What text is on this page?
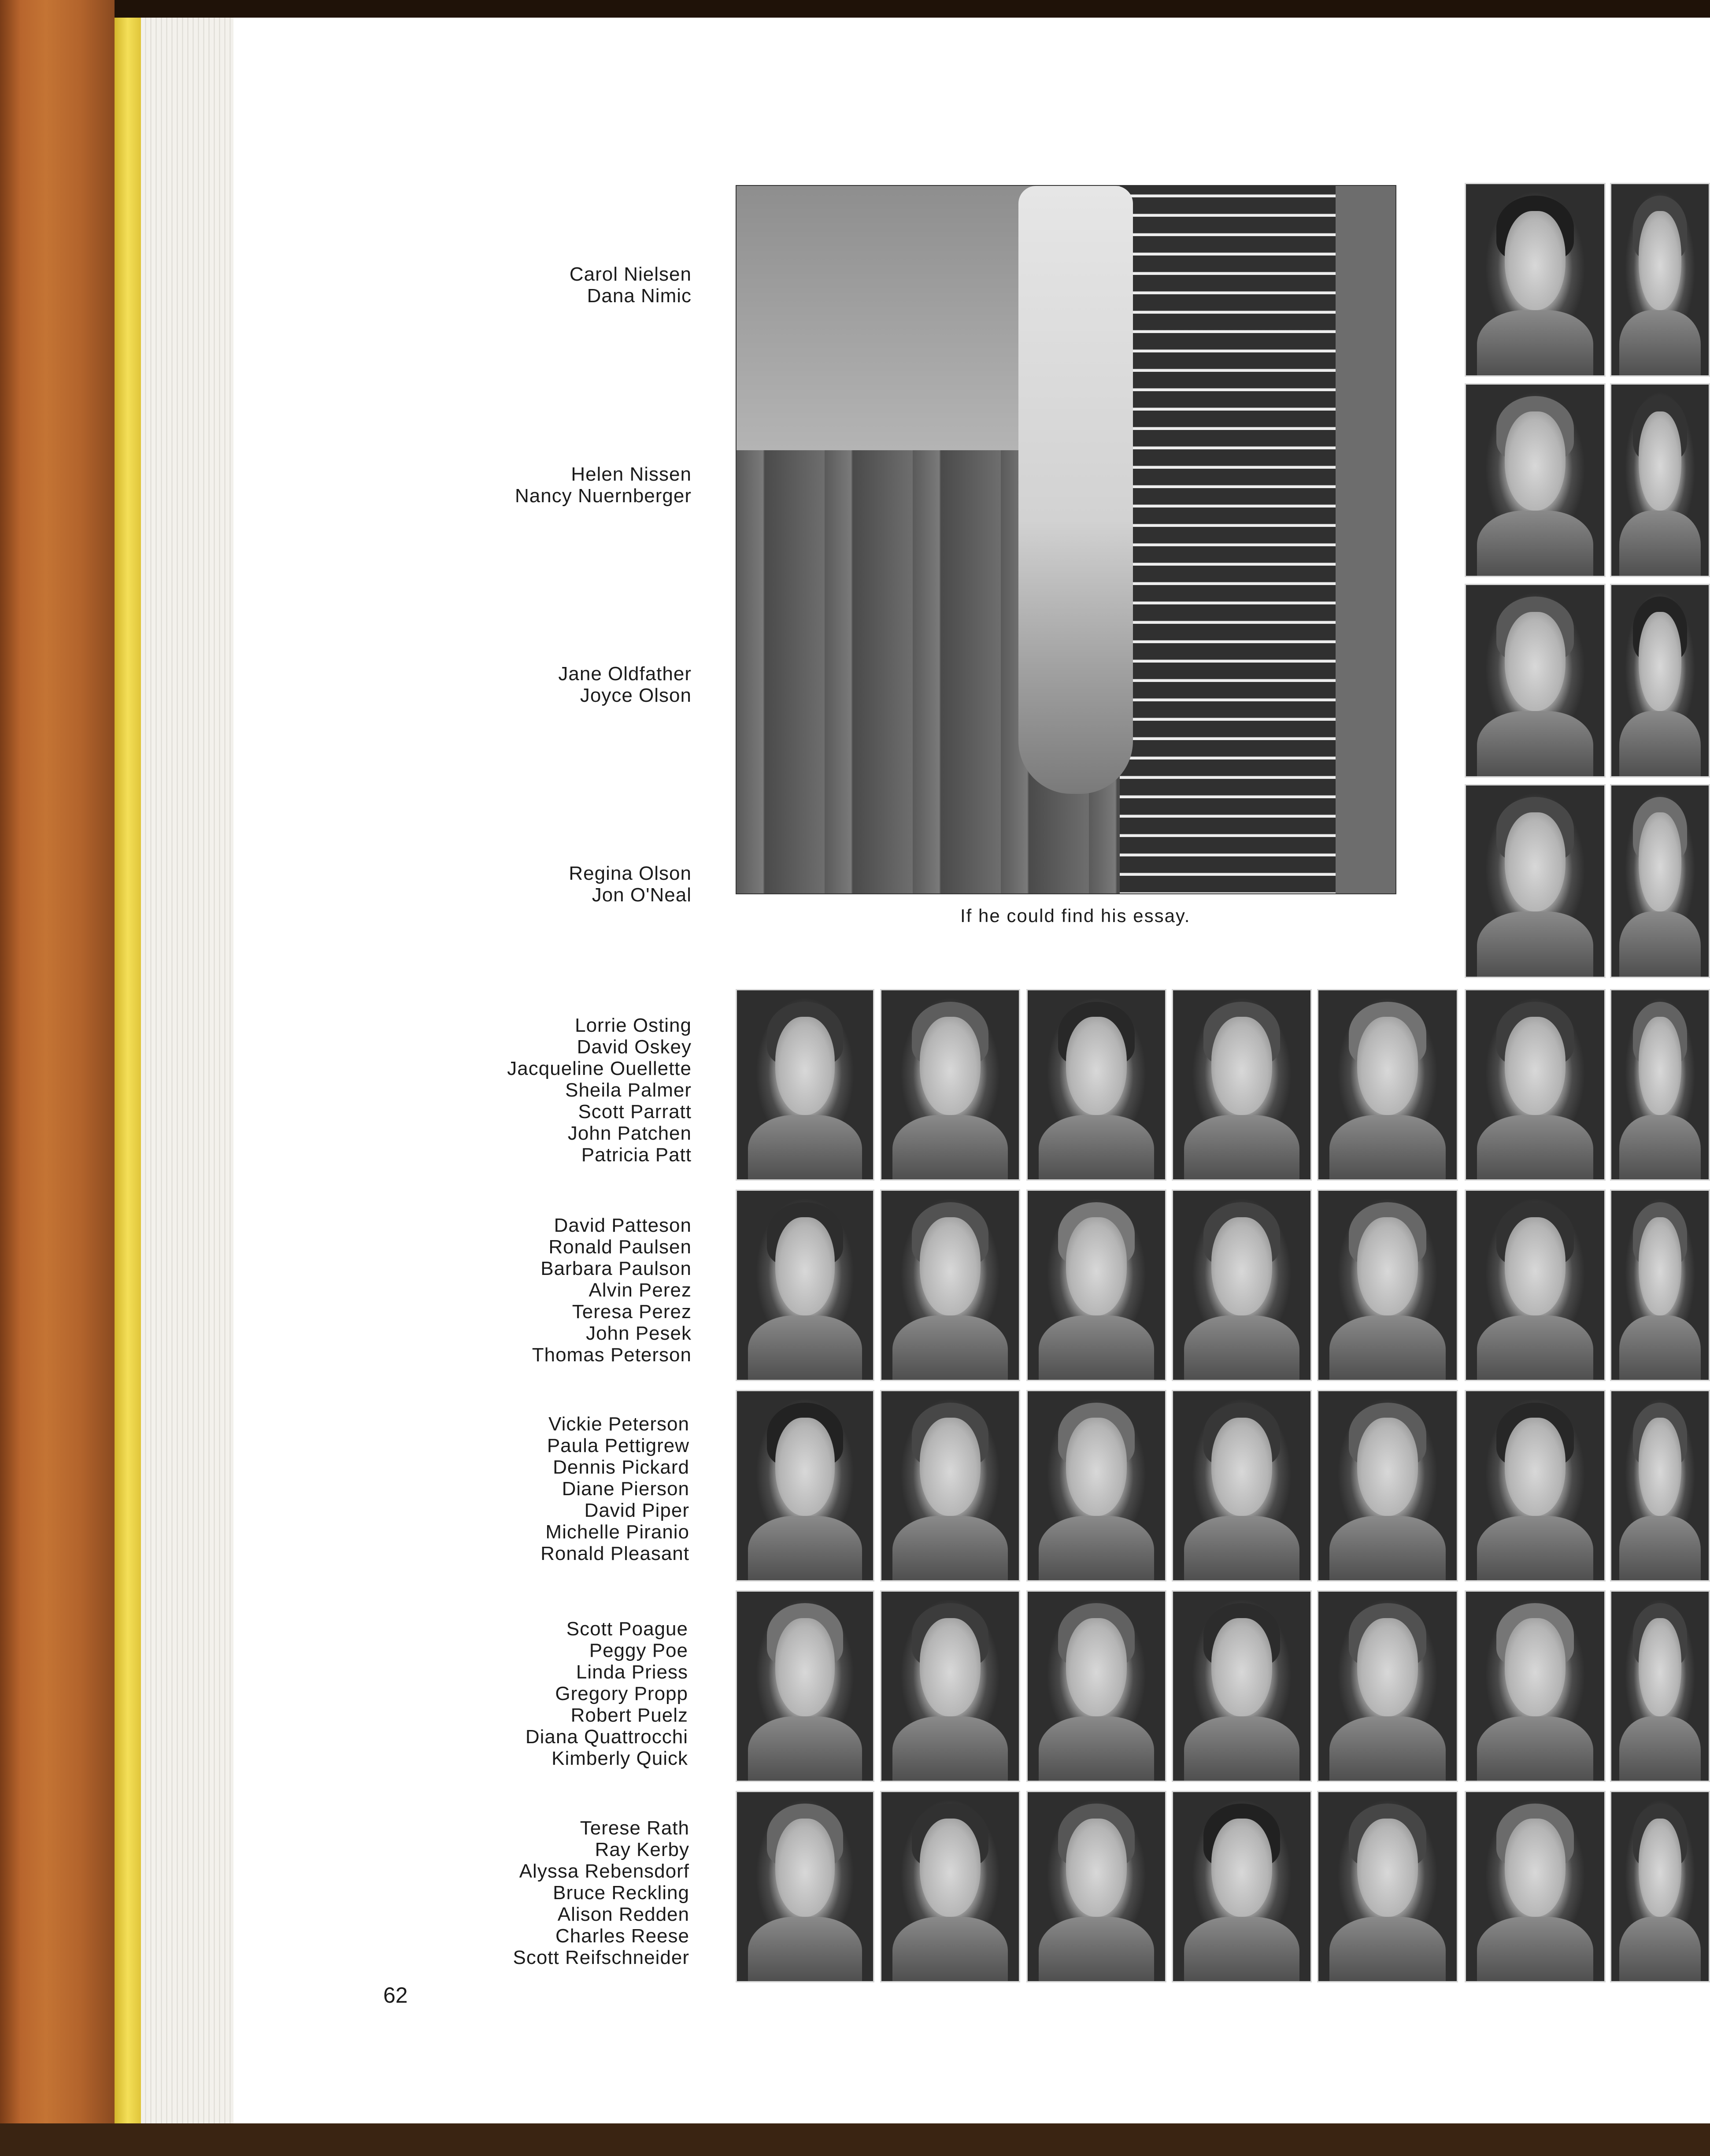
Carol Nielsen
Dana Nimic
Helen Nissen
Nancy Nuernberger
Jane Oldfather
Joyce Olson
Regina Olson
Jon O'Neal
Lorrie Osting
David Oskey
Jacqueline Ouellette
Sheila Palmer
Scott Parratt
John Patchen
Patricia Patt
David Patteson
Ronald Paulsen
Barbara Paulson
Alvin Perez
Teresa Perez
John Pesek
Thomas Peterson
Vickie Peterson
Paula Pettigrew
Dennis Pickard
Diane Pierson
David Piper
Michelle Piranio
Ronald Pleasant
Scott Poague
Peggy Poe
Linda Priess
Gregory Propp
Robert Puelz
Diana Quattrocchi
Kimberly Quick
Terese Rath
Ray Kerby
Alyssa Rebensdorf
Bruce Reckling
Alison Redden
Charles Reese
Scott Reifschneider
If he could find his essay.
62
